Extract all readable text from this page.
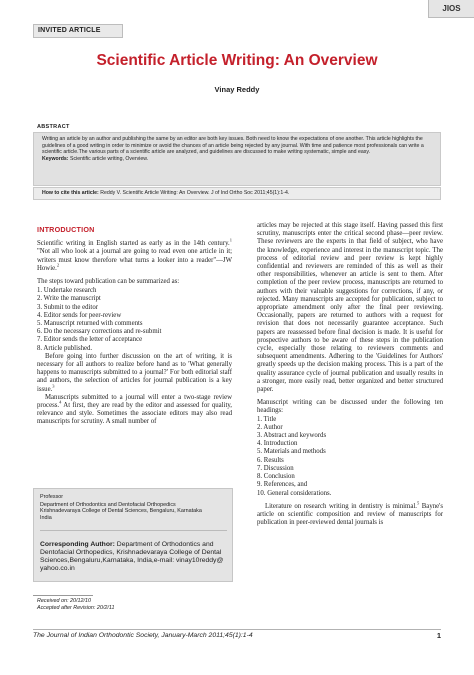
JIOS
INVITED ARTICLE
Scientific Article Writing: An Overview
Vinay Reddy
ABSTRACT

Writing an article by an author and publishing the same by an editor are both key issues. Both need to know the expectations of one another. This article highlights the guidelines of a good writing in order to minimize or avoid the chances of an article being rejected by any journal. With time and patience most professionals can write a scientific article.The various parts of a scientific article are analyzed, and guidelines are discussed to make writing systematic, simple and easy.

Keywords: Scientific article writing, Overview.

How to cite this article: Reddy V. Scientific Article Writing: An Overview. J of Ind Ortho Soc 2011;45(1):1-4.
INTRODUCTION

Scientific writing in English started as early as in the 14th century.$^1$ "Not all who look at a journal are going to read even one article in it; writers must know therefore what turns a looker into a reader"—JW Howie.$^2$

The steps toward publication can be summarized as:

1. Undertake research
2. Write the manuscript
3. Submit to the editor
4. Editor sends for peer-review
5. Manuscript returned with comments
6. Do the necessary corrections and re-submit
7. Editor sends the letter of acceptance
8. Article published.

Before going into further discussion on the art of writing, it is necessary for all authors to realize before hand as to 'What generally happens to manuscripts submitted to a journal?' For both editorial staff and authors, the selection of articles for journal publication is a key issue.$^3$

Manuscripts submitted to a journal will enter a two-stage review process.$^4$ At first, they are read by the editor and assessed for quality, relevance and style. Sometimes the associate editors may also read manuscripts for scrutiny. A small number of

articles may be rejected at this stage itself. Having passed this first scrutiny, manuscripts enter the critical second phase—peer review. These reviewers are the experts in that field of subject, who have the knowledge, experience and interest in the manuscript topic. The process of editorial review and peer review is kept highly confidential and reviewers are reminded of this as well as their other responsibilities, whenever an article is sent to them. After completion of the peer review process, manuscripts are returned to authors with their valuable suggestions for corrections, if any, or rejected. Many manuscripts are accepted for publication, subject to appropriate amendment only after the final peer reviewing. Occasionally, papers are returned to authors with a request for revision that does not necessarily guarantee acceptance. Such papers are reassessed before final decision is made. It is useful for prospective authors to be aware of these steps in the publication cycle, especially those relating to reviewers comments and subsequent amendments. Adhering to the 'Guidelines for Authors' greatly speeds up the decision making process. This is a part of the quality assurance cycle of journal publication and usually results in a stronger, more easily read, better organized and better structured paper.

Manuscript writing can be discussed under the following ten headings:

1. Title
2. Author
3. Abstract and keywords
4. Introduction
5. Materials and methods
6. Results
7. Discussion
8. Conclusion
9. References, and
10. General considerations.

Literature on research writing in dentistry is minimal.$^5$ Bayne's article on scientific composition and review of manuscripts for publication in peer-reviewed dental journals is

Professor
Department of Orthodontics and Dentofacial Orthopedics
Krishnadevaraya College of Dental Sciences, Bengaluru, Karnataka
India
Corresponding Author: Department of Orthodontics and Dentofacial Orthopedics, Krishnadevaraya College of Dental Sciences,Bengaluru,Karnataka, India,e-mail: vinay10reddy@ yahoo.co.in
Received on: 20/12/10
Accepted after Revision: 20/2/11
The Journal of Indian Orthodontic Society, January-March 2011;45(1):1-4	1
